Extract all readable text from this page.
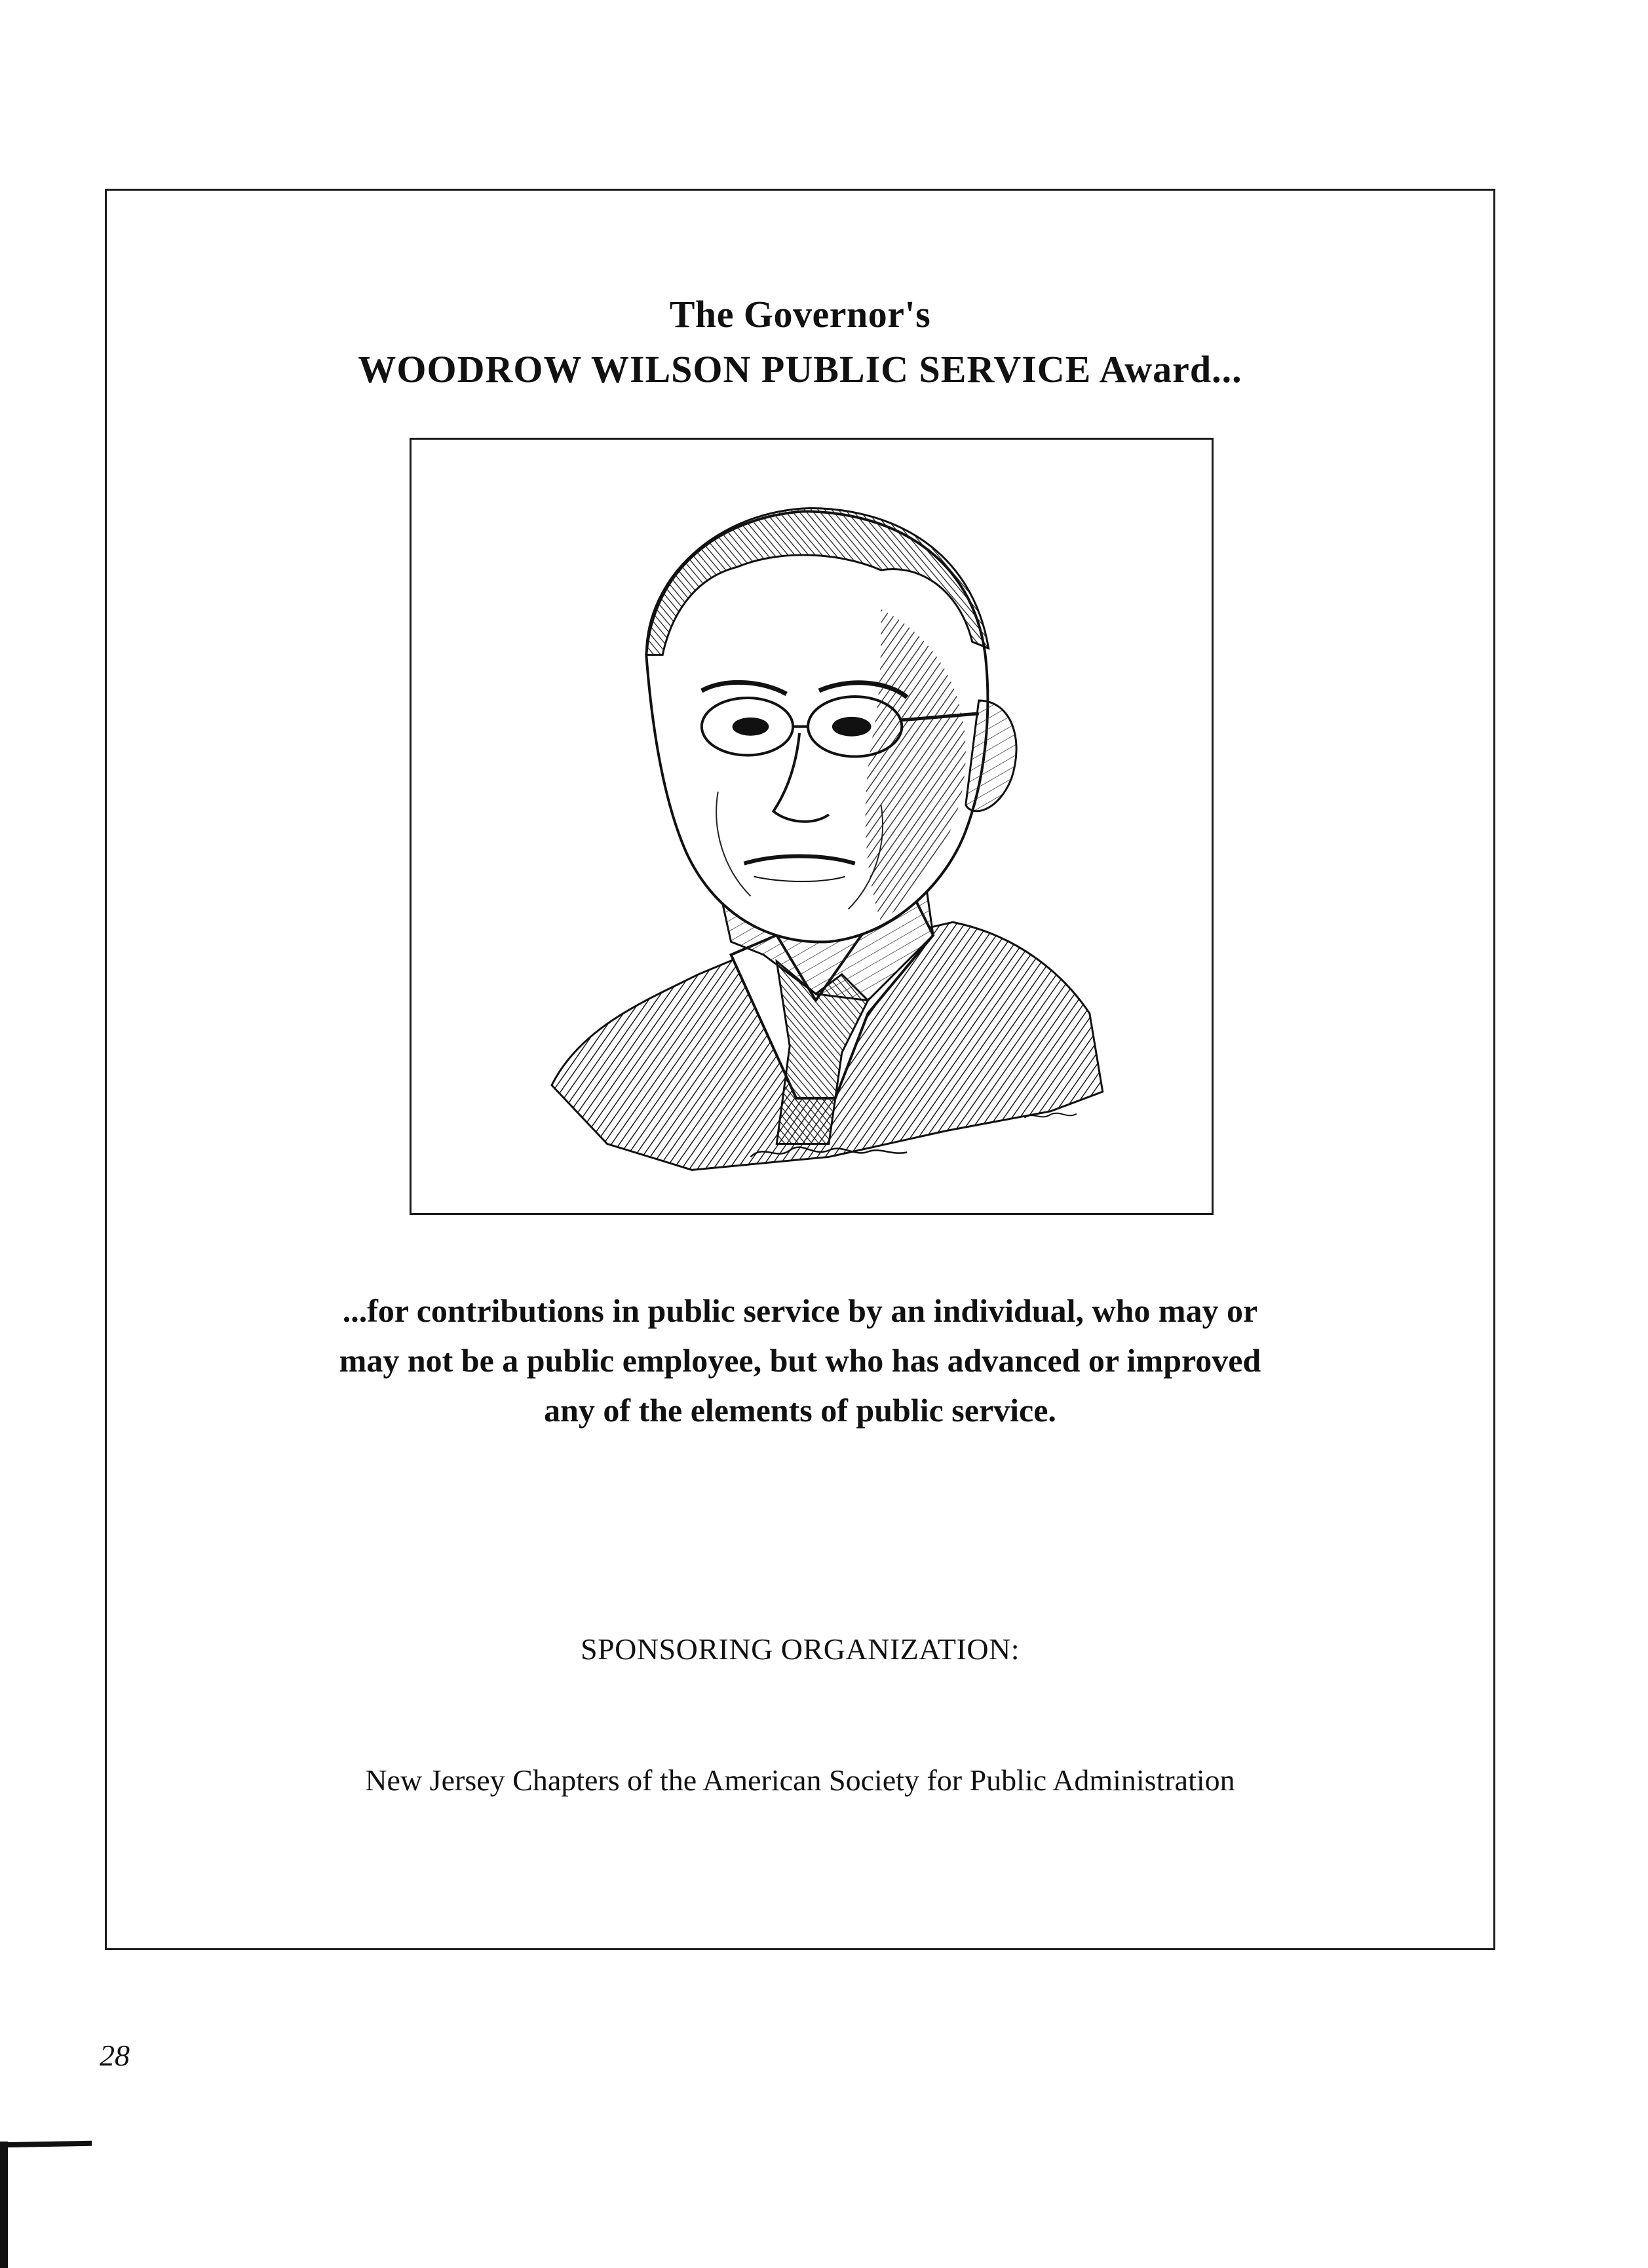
The Governor's
WOODROW WILSON PUBLIC SERVICE Award...
...for contributions in public service by an individual, who may or
may not be a public employee, but who has advanced or improved
any of the elements of public service.
SPONSORING ORGANIZATION:
New Jersey Chapters of the American Society for Public Administration
28
